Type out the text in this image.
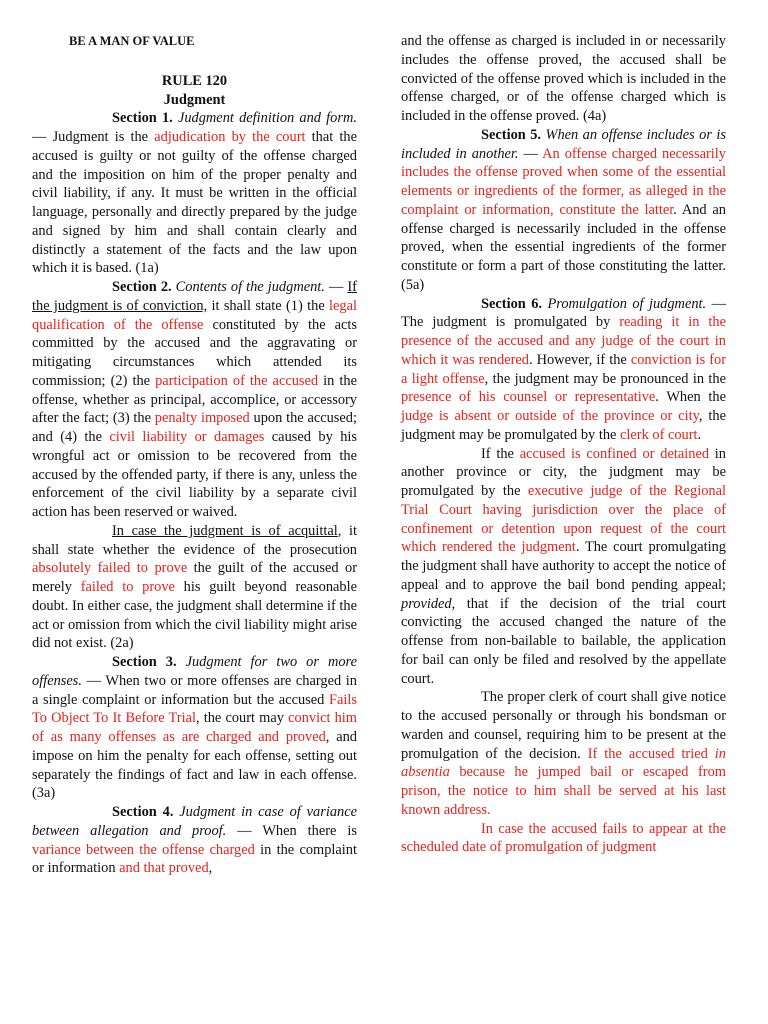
BE A MAN OF VALUE

RULE 120

Judgment

Section 1. Judgment definition and form. — Judgment is the adjudication by the court that the accused is guilty or not guilty of the offense charged and the imposition on him of the proper penalty and civil liability, if any. It must be written in the official language, personally and directly prepared by the judge and signed by him and shall contain clearly and distinctly a statement of the facts and the law upon which it is based. (1a)

Section 2. Contents of the judgment. — If the judgment is of conviction, it shall state (1) the legal qualification of the offense constituted by the acts committed by the accused and the aggravating or mitigating circumstances which attended its commission; (2) the participation of the accused in the offense, whether as principal, accomplice, or accessory after the fact; (3) the penalty imposed upon the accused; and (4) the civil liability or damages caused by his wrongful act or omission to be recovered from the accused by the offended party, if there is any, unless the enforcement of the civil liability by a separate civil action has been reserved or waived.

In case the judgment is of acquittal, it shall state whether the evidence of the prosecution absolutely failed to prove the guilt of the accused or merely failed to prove his guilt beyond reasonable doubt. In either case, the judgment shall determine if the act or omission from which the civil liability might arise did not exist. (2a)

Section 3. Judgment for two or more offenses. — When two or more offenses are charged in a single complaint or information but the accused Fails To Object To It Before Trial, the court may convict him of as many offenses as are charged and proved, and impose on him the penalty for each offense, setting out separately the findings of fact and law in each offense. (3a)

Section 4. Judgment in case of variance between allegation and proof. — When there is variance between the offense charged in the complaint or information and that proved,

and the offense as charged is included in or necessarily includes the offense proved, the accused shall be convicted of the offense proved which is included in the offense charged, or of the offense charged which is included in the offense proved. (4a)

Section 5. When an offense includes or is included in another. — An offense charged necessarily includes the offense proved when some of the essential elements or ingredients of the former, as alleged in the complaint or information, constitute the latter. And an offense charged is necessarily included in the offense proved, when the essential ingredients of the former constitute or form a part of those constituting the latter. (5a)

Section 6. Promulgation of judgment. — The judgment is promulgated by reading it in the presence of the accused and any judge of the court in which it was rendered. However, if the conviction is for a light offense, the judgment may be pronounced in the presence of his counsel or representative. When the judge is absent or outside of the province or city, the judgment may be promulgated by the clerk of court.

If the accused is confined or detained in another province or city, the judgment may be promulgated by the executive judge of the Regional Trial Court having jurisdiction over the place of confinement or detention upon request of the court which rendered the judgment. The court promulgating the judgment shall have authority to accept the notice of appeal and to approve the bail bond pending appeal; provided, that if the decision of the trial court convicting the accused changed the nature of the offense from non-bailable to bailable, the application for bail can only be filed and resolved by the appellate court.

The proper clerk of court shall give notice to the accused personally or through his bondsman or warden and counsel, requiring him to be present at the promulgation of the decision. If the accused tried in absentia because he jumped bail or escaped from prison, the notice to him shall be served at his last known address.

In case the accused fails to appear at the scheduled date of promulgation of judgment
